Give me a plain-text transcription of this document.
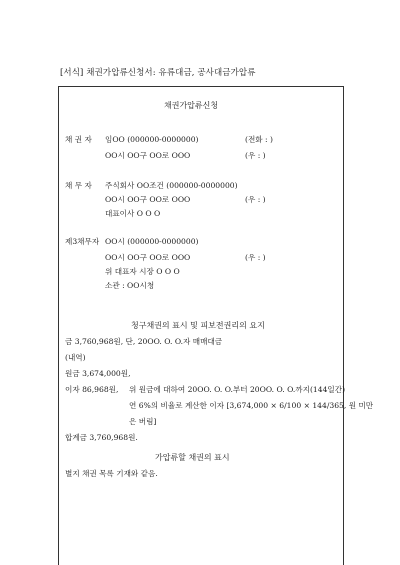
[서식] 채권가압류신청서: 유류대금, 공사대금가압류
채권가압류신청
채 권 자 임OO (000000-0000000)	(전화 : )
OO시 OO구 OO로 OOO	(우 : )
채 무 자 주식회사 OO조건 (000000-0000000)
OO시 OO구 OO로 OOO	(우 : )
대표이사 O O O
제3채무자 OO시 (000000-0000000)
OO시 OO구 OO로 OOO	(우 : )
위 대표자 시장 O O O
소관 : OO시청
청구채권의 표시 및 피보전권리의 요지
금 3,760,968원, 단, 20OO. O. O.자 매매대금
(내역)
원금 3,674,000원,
이자 86,968원, 위 원금에 대하여 20OO. O. O.부터 20OO. O. O.까지(144일간)
연 6%의 비율로 계산한 이자 [3,674,000 × 6/100 × 144/365, 원 미만
은 버림]
합계금 3,760,968원.
가압류할 채권의 표시
별지 채권 목록 기재와 같음.
